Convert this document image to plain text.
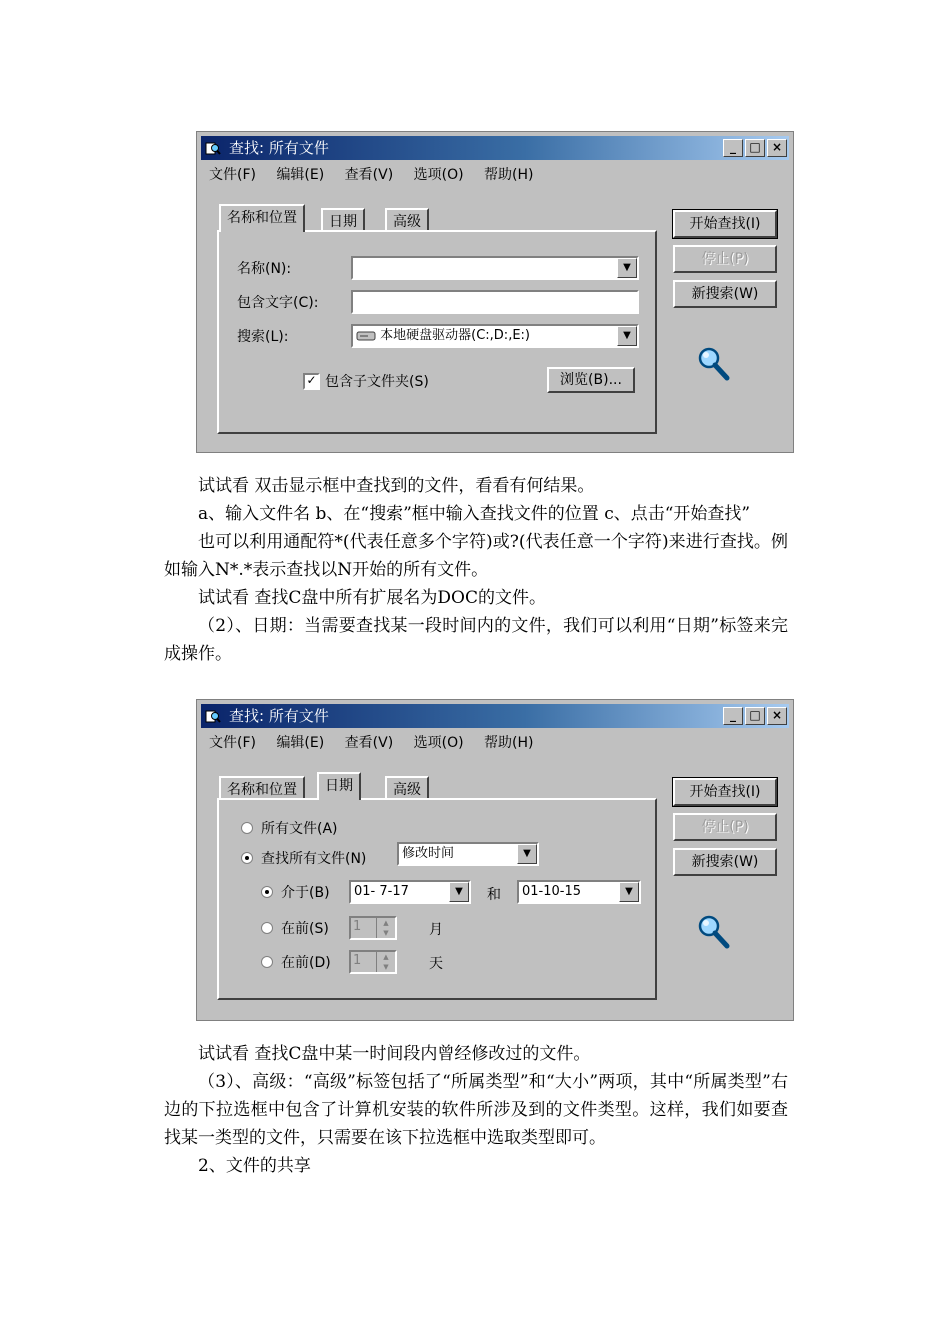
查找: 所有文件	_	□ ×
文件(F) 编辑(E) 查看(V) 选项(O) 帮助(H)
名称和位置	日期	高级
名称(N):	▼
包含文字(C):
搜索(L):	本地硬盘驱动器(C:,D:,E:)	▼
✓ 包含子文件夹(S)	浏览(B)...
开始查找(I)
停止(P)
新搜索(W)

试试看 双击显示框中查找到的文件，看看有何结果。

a、输入文件名 b、在“搜索”框中输入查找文件的位置 c、点击“开始查找”

也可以利用通配符*(代表任意多个字符)或?(代表任意一个字符)来进行查找。例如输入N*.*表示查找以N开始的所有文件。

试试看 查找C盘中所有扩展名为DOC的文件。

（2）、日期：当需要查找某一段时间内的文件，我们可以利用“日期”标签来完成操作。

查找: 所有文件	_	□ ×
文件(F) 编辑(E) 查看(V) 选项(O) 帮助(H)
名称和位置	日期	高级
所有文件(A)
查找所有文件(N)	修改时间	▼
介于(B)	01- 7-17	▼	和	01-10-15	▼
在前(S) 1	▲
▼	月
在前(D) 1	▲
▼	天
开始查找(I)
停止(P)
新搜索(W)

试试看 查找C盘中某一时间段内曾经修改过的文件。

（3）、高级：“高级”标签包括了“所属类型”和“大小”两项，其中“所属类型”右边的下拉选框中包含了计算机安装的软件所涉及到的文件类型。这样，我们如要查找某一类型的文件，只需要在该下拉选框中选取类型即可。

2、文件的共享
